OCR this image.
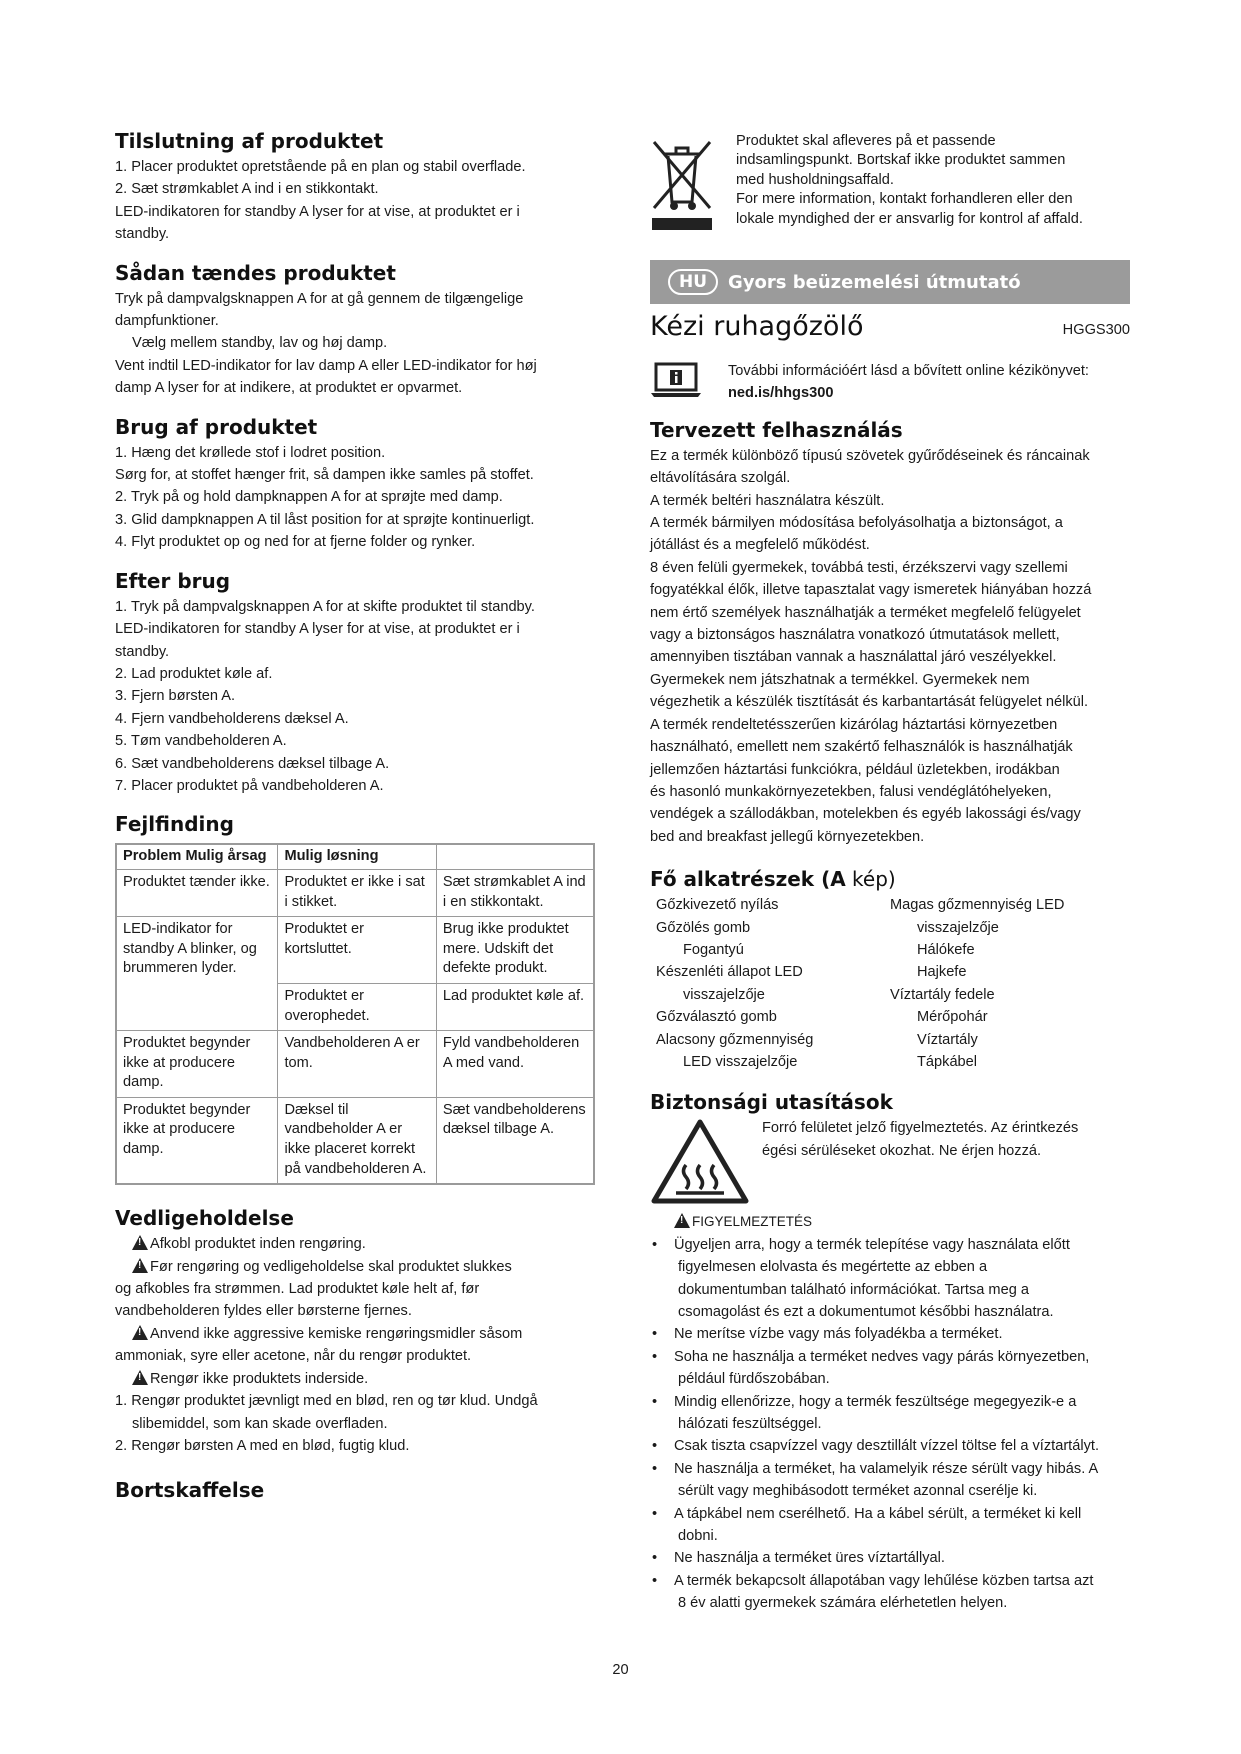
Tilslutning af produktet

1. Placer produktet opretstående på en plan og stabil overflade.

2. Sæt strømkablet A ind i en stikkontakt.

LED-indikatoren for standby A lyser for at vise, at produktet er i

standby.

Sådan tændes produktet

Tryk på dampvalgsknappen A for at gå gennem de tilgængelige

dampfunktioner.

Vælg mellem standby, lav og høj damp.

Vent indtil LED-indikator for lav damp A eller LED-indikator for høj

damp A lyser for at indikere, at produktet er opvarmet.

Brug af produktet

1. Hæng det krøllede stof i lodret position.

Sørg for, at stoffet hænger frit, så dampen ikke samles på stoffet.

2. Tryk på og hold dampknappen A for at sprøjte med damp.

3. Glid dampknappen A til låst position for at sprøjte kontinuerligt.

4. Flyt produktet op og ned for at fjerne folder og rynker.

Efter brug

1. Tryk på dampvalgsknappen A for at skifte produktet til standby.

LED-indikatoren for standby A lyser for at vise, at produktet er i

standby.

2. Lad produktet køle af.

3. Fjern børsten A.

4. Fjern vandbeholderens dæksel A.

5. Tøm vandbeholderen A.

6. Sæt vandbeholderens dæksel tilbage A.

7. Placer produktet på vandbeholderen A.

Fejlfinding
Problem Mulig årsag	Mulig løsning	
Produktet tænder ikke.	Produktet er ikke i sat i stikket.	Sæt strømkablet A ind i en stikkontakt.
LED-indikator for standby A blinker, og brummeren lyder.	Produktet er kortsluttet.	Brug ikke produktet mere. Udskift det defekte produkt.
	Produktet er overophedet.	Lad produktet køle af.
Produktet begynder ikke at producere damp.	Vandbeholderen A er tom.	Fyld vandbeholderen A med vand.
Produktet begynder ikke at producere damp.	Dæksel til vandbeholder A er ikke placeret korrekt på vandbeholderen A.	Sæt vandbeholderens dæksel tilbage A.
Vedligeholdelse

!Afkobl produktet inden rengøring.

!Før rengøring og vedligeholdelse skal produktet slukkes

og afkobles fra strømmen. Lad produktet køle helt af, før

vandbeholderen fyldes eller børsterne fjernes.

!Anvend ikke aggressive kemiske rengøringsmidler såsom

ammoniak, syre eller acetone, når du rengør produktet.

!Rengør ikke produktets inderside.

1. Rengør produktet jævnligt med en blød, ren og tør klud. Undgå

slibemiddel, som kan skade overfladen.

2. Rengør børsten A med en blød, fugtig klud.

Bortskaffelse

Produktet skal afleveres på et passende

indsamlingspunkt. Bortskaf ikke produktet sammen

med husholdningsaffald.

For mere information, kontakt forhandleren eller den

lokale myndighed der er ansvarlig for kontrol af affald.

HU	Gyors beüzemelési útmutató
Kézi ruhagőzölő	HGGS300

További információért lásd a bővített online kézikönyvet:

ned.is/hhgs300

Tervezett felhasználás

Ez a termék különböző típusú szövetek gyűrődéseinek és ráncainak

eltávolítására szolgál.

A termék beltéri használatra készült.

A termék bármilyen módosítása befolyásolhatja a biztonságot, a

jótállást és a megfelelő működést.

8 éven felüli gyermekek, továbbá testi, érzékszervi vagy szellemi

fogyatékkal élők, illetve tapasztalat vagy ismeretek hiányában hozzá

nem értő személyek használhatják a terméket megfelelő felügyelet

vagy a biztonságos használatra vonatkozó útmutatások mellett,

amennyiben tisztában vannak a használattal járó veszélyekkel.

Gyermekek nem játszhatnak a termékkel. Gyermekek nem

végezhetik a készülék tisztítását és karbantartását felügyelet nélkül.

A termék rendeltetésszerűen kizárólag háztartási környezetben

használható, emellett nem szakértő felhasználók is használhatják

jellemzően háztartási funkciókra, például üzletekben, irodákban

és hasonló munkakörnyezetekben, falusi vendéglátóhelyeken,

vendégek a szállodákban, motelekben és egyéb lakossági és/vagy

bed and breakfast jellegű környezetekben.

Fő alkatrészek (A kép)

Gőzkivezető nyílás

Gőzölés gomb

Fogantyú

Készenléti állapot LED

visszajelzője

Gőzválasztó gomb

Alacsony gőzmennyiség

LED visszajelzője

Magas gőzmennyiség LED

visszajelzője

Hálókefe

Hajkefe

Víztartály fedele

Mérőpohár

Víztartály

Tápkábel

Biztonsági utasítások

Forró felületet jelző figyelmeztetés. Az érintkezés

égési sérüléseket okozhat. Ne érjen hozzá.

!FIGYELMEZTETÉS

• Ügyeljen arra, hogy a termék telepítése vagy használata előtt
figyelmesen elolvasta és megértette az ebben a
dokumentumban található információkat. Tartsa meg a
csomagolást és ezt a dokumentumot későbbi használatra.
• Ne merítse vízbe vagy más folyadékba a terméket.
• Soha ne használja a terméket nedves vagy párás környezetben,
például fürdőszobában.
• Mindig ellenőrizze, hogy a termék feszültsége megegyezik-e a
hálózati feszültséggel.
• Csak tiszta csapvízzel vagy desztillált vízzel töltse fel a víztartályt.
• Ne használja a terméket, ha valamelyik része sérült vagy hibás. A
sérült vagy meghibásodott terméket azonnal cserélje ki.
• A tápkábel nem cserélhető. Ha a kábel sérült, a terméket ki kell
dobni.
• Ne használja a terméket üres víztartállyal.
• A termék bekapcsolt állapotában vagy lehűlése közben tartsa azt
8 év alatti gyermekek számára elérhetetlen helyen.
20
